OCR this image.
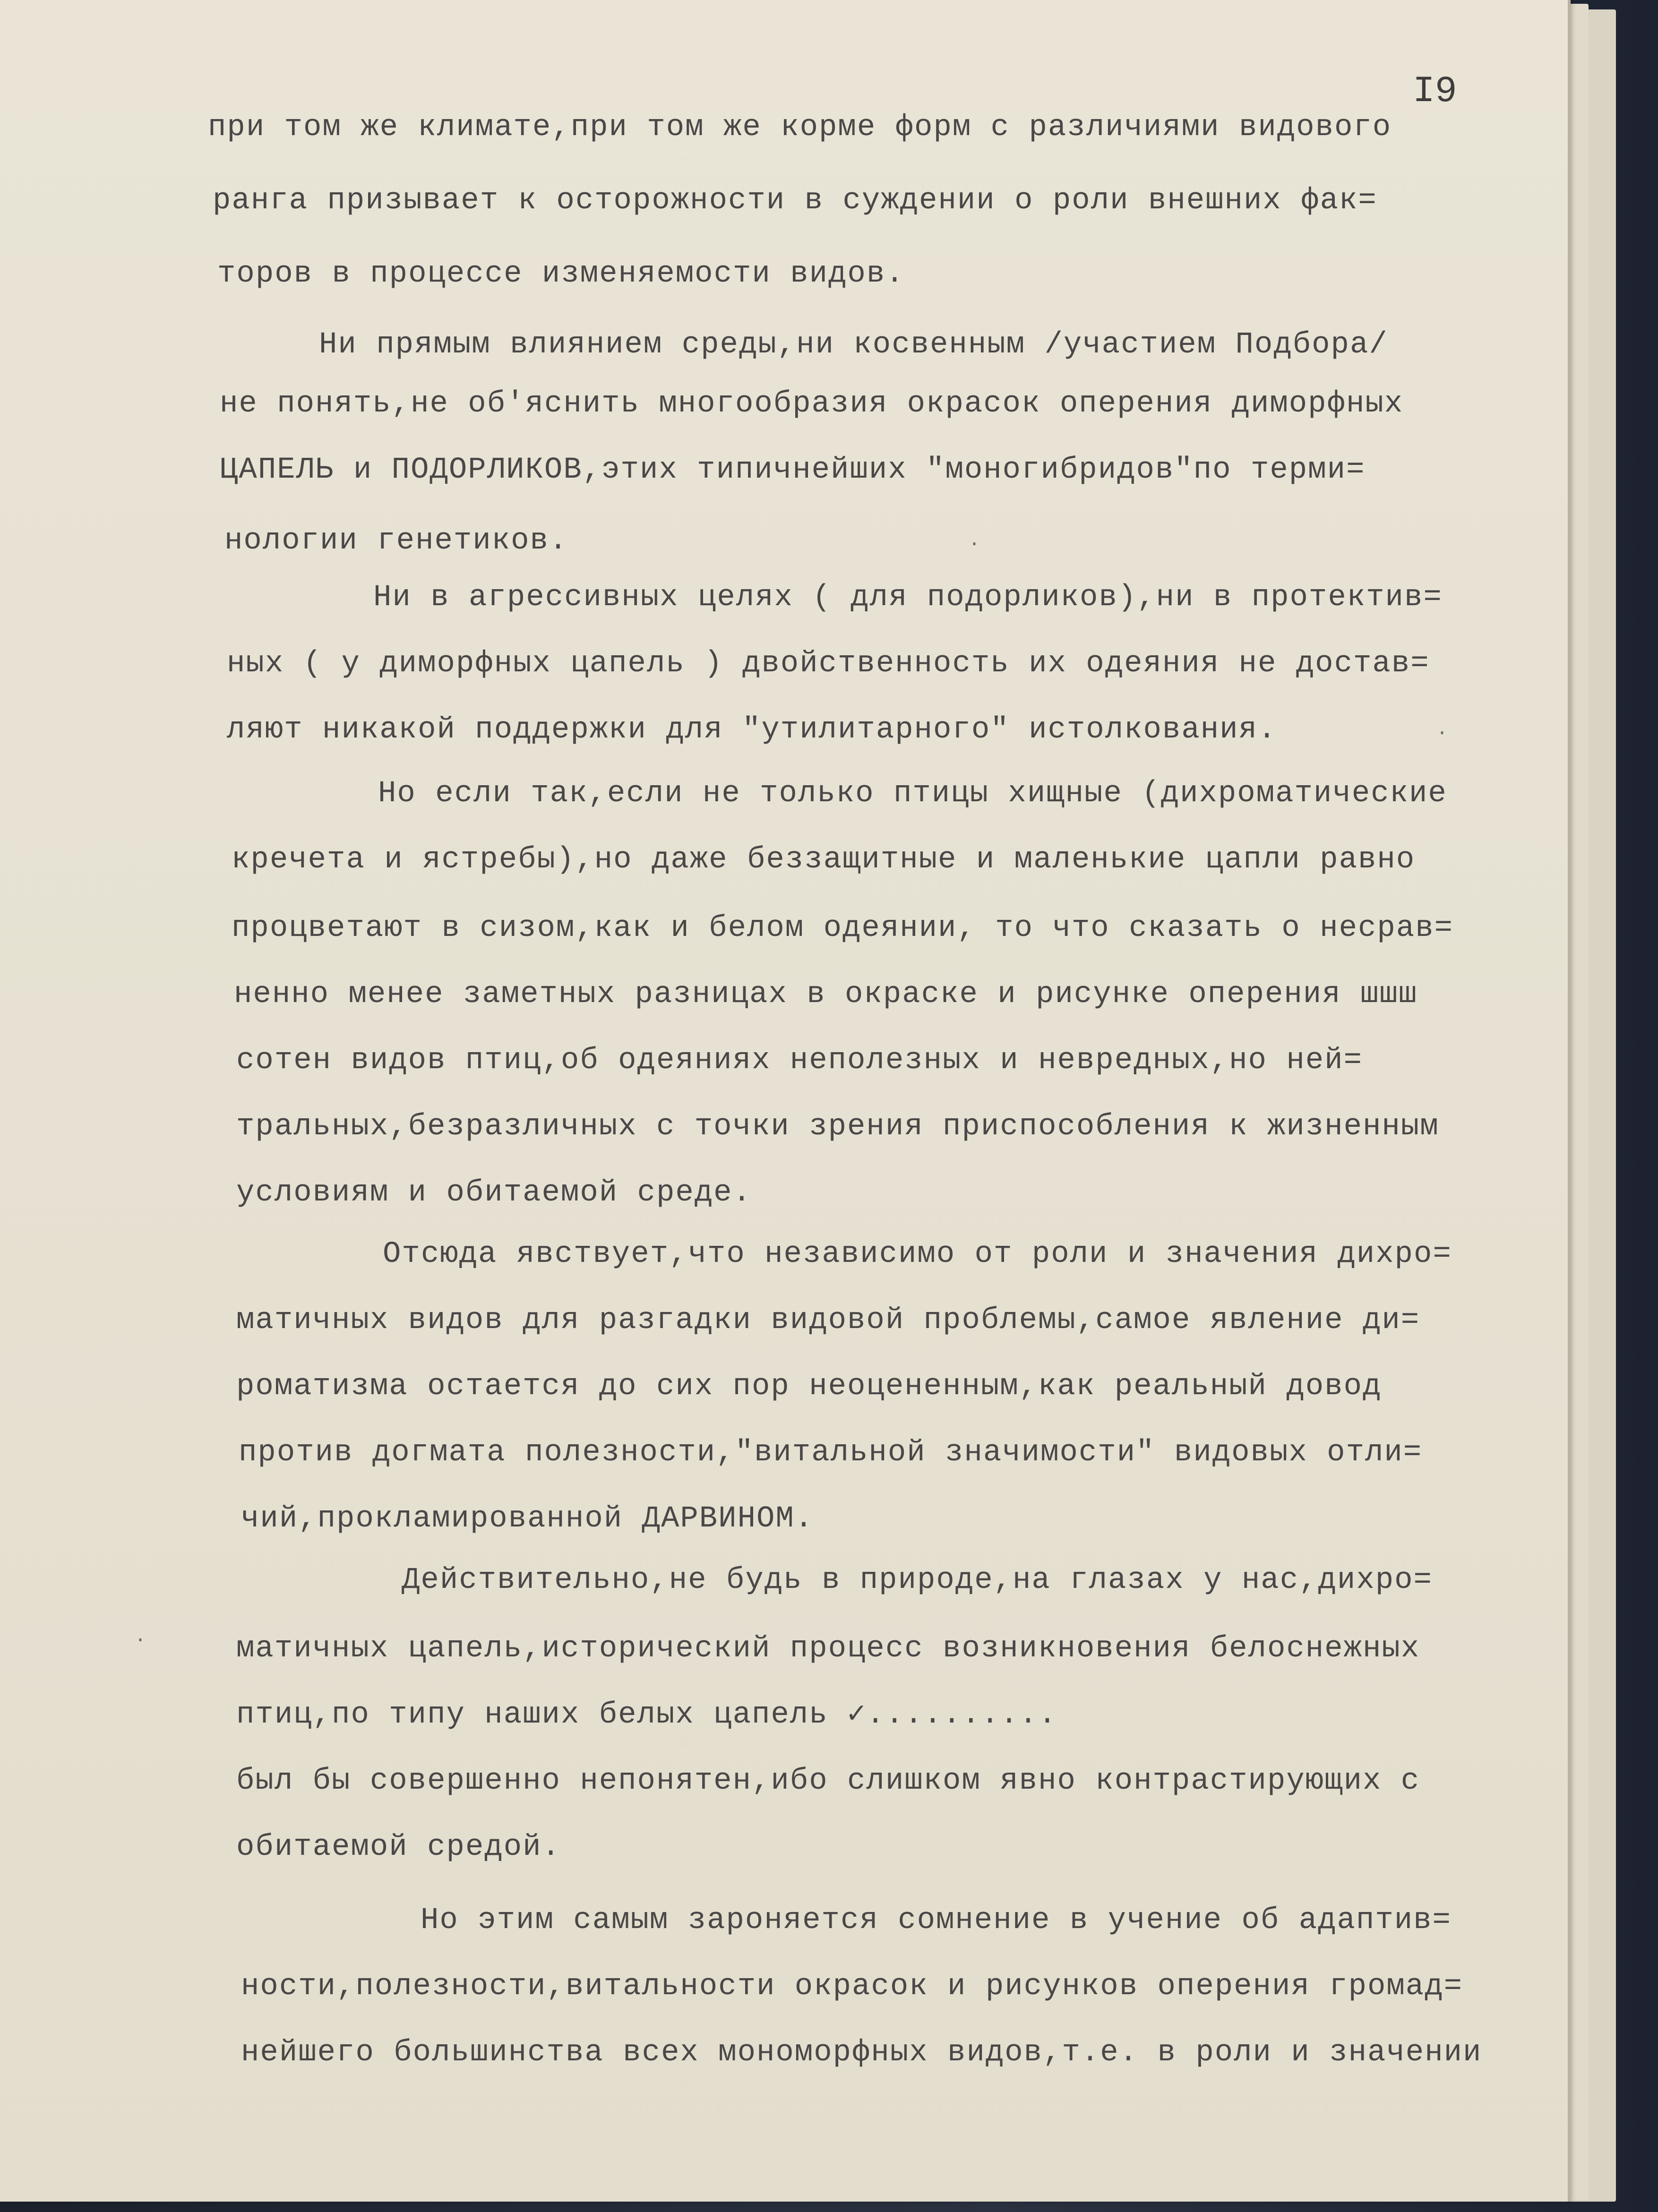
I9
при том же климате,при том же корме форм с различиями видового
ранга призывает к осторожности в суждении о роли внешних фак=
торов в процессе изменяемости видов.
Ни прямым влиянием среды,ни косвенным /участием Подбора/
не понять,не об'яснить многообразия окрасок оперения диморфных
ЦАПЕЛЬ и ПОДОРЛИКОВ,этих типичнейших "моногибридов"по терми=
нологии генетиков.
Ни в агрессивных целях ( для подорликов),ни в протектив=
ных ( у диморфных цапель ) двойственность их одеяния не достав=
ляют никакой поддержки для "утилитарного" истолкования.
Но если так,если не только птицы хищные (дихроматические
кречета и ястребы),но даже беззащитные и маленькие цапли равно
процветают в сизом,как и белом одеянии, то что сказать о несрав=
ненно менее заметных разницах в окраске и рисунке оперения шшш
сотен видов птиц,об одеяниях неполезных и невредных,но ней=
тральных,безразличных с точки зрения приспособления к жизненным
условиям и обитаемой среде.
Отсюда явствует,что независимо от роли и значения дихро=
матичных видов для разгадки видовой проблемы,самое явление ди=
роматизма остается до сих пор неоцененным,как реальный довод
против догмата полезности,"витальной значимости" видовых отли=
чий,прокламированной ДАРВИНОМ.
Действительно,не будь в природе,на глазах у нас,дихро=
матичных цапель,исторический процесс возникновения белоснежных
птиц,по типу наших белых цапель ✓..........
был бы совершенно непонятен,ибо слишком явно контрастирующих с
обитаемой средой.
Но этим самым зароняется сомнение в учение об адаптив=
ности,полезности,витальности окрасок и рисунков оперения громад=
нейшего большинства всех мономорфных видов,т.е. в роли и значении
·
·
·
